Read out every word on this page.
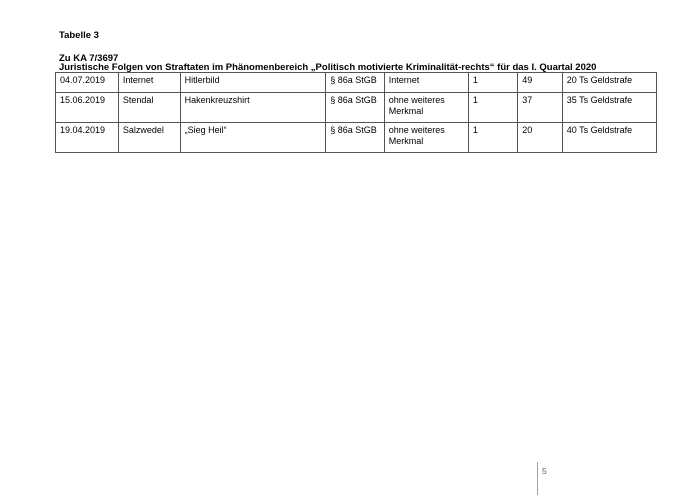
Tabelle 3
Zu KA 7/3697
Juristische Folgen von Straftaten im Phänomenbereich „Politisch motivierte Kriminalität-rechts“ für das I. Quartal 2020
04.07.2019	Internet	Hitlerbild	§ 86a StGB	Internet	1	49	20 Ts Geldstrafe
15.06.2019	Stendal	Hakenkreuzshirt	§ 86a StGB	ohne weiteres Merkmal	1	37	35 Ts Geldstrafe
19.04.2019	Salzwedel	„Sieg Heil“	§ 86a StGB	ohne weiteres Merkmal	1	20	40 Ts Geldstrafe
5
